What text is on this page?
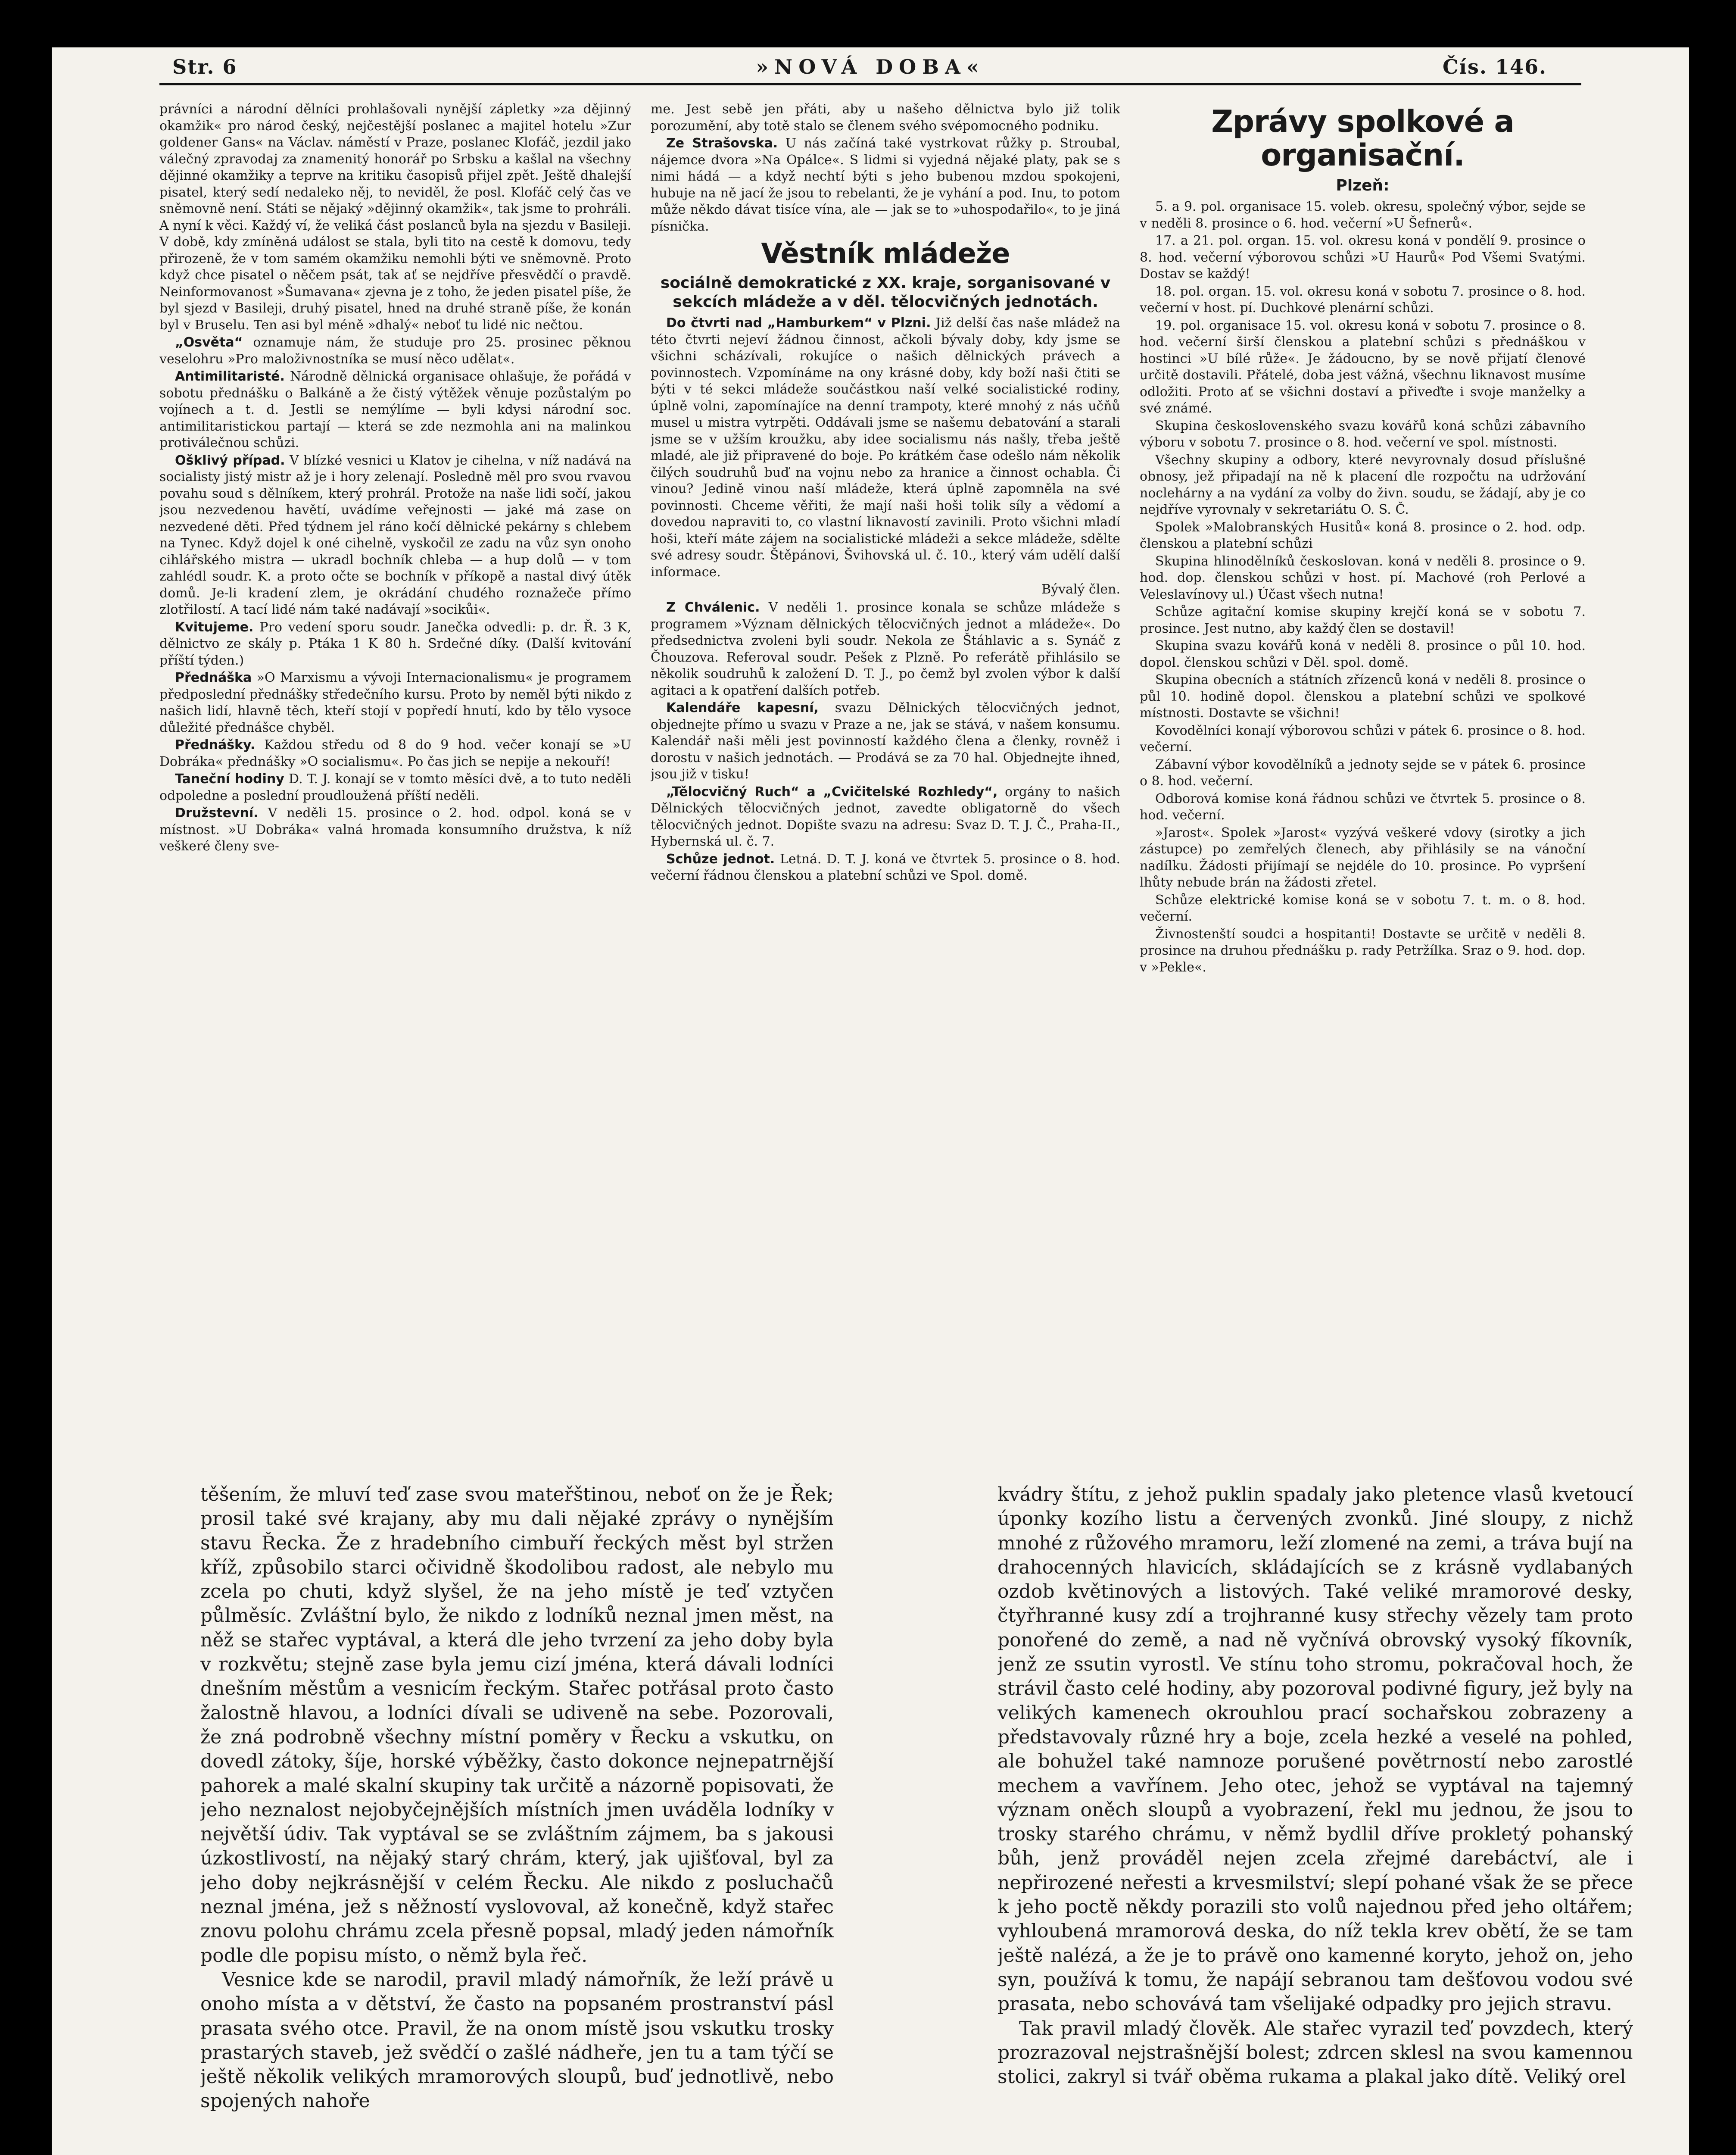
Str. 6	»NOVÁ DOBA«	Čís. 146.

právníci a národní dělníci prohlašovali nynější zápletky »za dějinný okamžik« pro národ český, nejčestější poslanec a majitel hotelu »Zur goldener Gans« na Václav. náměstí v Praze, poslanec Klofáč, jezdil jako válečný zpravodaj za znamenitý honorář po Srbsku a kašlal na všechny dějinné okamžiky a teprve na kritiku časopisů přijel zpět. Ještě dhalejší pisatel, který sedí nedaleko něj, to neviděl, že posl. Klofáč celý čas ve sněmovně není. Státi se nějaký »dějinný okamžik«, tak jsme to prohráli. A nyní k věci. Každý ví, že veliká část poslanců byla na sjezdu v Basileji. V době, kdy zmíněná událost se stala, byli tito na cestě k domovu, tedy přirozeně, že v tom samém okamžiku nemohli býti ve sněmovně. Proto když chce pisatel o něčem psát, tak ať se nejdříve přesvědčí o pravdě. Neinformovanost »Šumavana« zjevna je z toho, že jeden pisatel píše, že byl sjezd v Basileji, druhý pisatel, hned na druhé straně píše, že konán byl v Bruselu. Ten asi byl méně »dhalý« neboť tu lidé nic nečtou.

„Osvěta“ oznamuje nám, že studuje pro 25. prosinec pěknou veselohru »Pro maloživnostníka se musí něco udělat«.

Antimilitaristé. Národně dělnická organisace ohlašuje, že pořádá v sobotu přednášku o Balkáně a že čistý výtěžek věnuje pozůstalým po vojínech a t. d. Jestli se nemýlíme — byli kdysi národní soc. antimilitaristickou partají — která se zde nezmohla ani na malinkou protiválečnou schůzi.

Ošklivý případ. V blízké vesnici u Klatov je cihelna, v níž nadává na socialisty jistý mistr až je i hory zelenají. Posledně měl pro svou rvavou povahu soud s dělníkem, který prohrál. Protože na naše lidi sočí, jakou jsou nezvedenou havětí, uvádíme veřejnosti — jaké má zase on nezvedené děti. Před týdnem jel ráno kočí dělnické pekárny s chlebem na Tynec. Když dojel k oné cihelně, vyskočil ze zadu na vůz syn onoho cihlářského mistra — ukradl bochník chleba — a hup dolů — v tom zahlédl soudr. K. a proto očte se bochník v příkopě a nastal divý útěk domů. Je-li kradení zlem, je okrádání chudého roznažeče přímo zlotřilostí. A tací lidé nám také nadávají »socikůi«.

Kvitujeme. Pro vedení sporu soudr. Janečka odvedli: p. dr. Ř. 3 K, dělnictvo ze skály p. Ptáka 1 K 80 h. Srdečné díky. (Další kvitování příští týden.)

Přednáška »O Marxismu a vývoji Internacionalismu« je programem předposlední přednášky středečního kursu. Proto by neměl býti nikdo z našich lidí, hlavně těch, kteří stojí v popředí hnutí, kdo by tělo vysoce důležité přednášce chyběl.

Přednášky. Každou středu od 8 do 9 hod. večer konají se »U Dobráka« přednášky »O socialismu«. Po čas jich se nepije a nekouří!

Taneční hodiny D. T. J. konají se v tomto měsíci dvě, a to tuto neděli odpoledne a poslední proudloužená příští neděli.

Družstevní. V neděli 15. prosince o 2. hod. odpol. koná se v místnost. »U Dobráka« valná hromada konsumního družstva, k níž veškeré členy sve-

me. Jest sebě jen přáti, aby u našeho dělnictva bylo již tolik porozumění, aby totě stalo se členem svého svépomocného podniku.

Ze Strašovska. U nás začíná také vystrkovat růžky p. Stroubal, nájemce dvora »Na Opálce«. S lidmi si vyjedná nějaké platy, pak se s nimi hádá — a když nechtí býti s jeho bubenou mzdou spokojeni, hubuje na ně jací že jsou to rebelanti, že je vyhání a pod. Inu, to potom může někdo dávat tisíce vína, ale — jak se to »uhospodařilo«, to je jiná písnička.

Věstník mládeže
sociálně demokratické z XX. kraje, sorganisované v sekcích mládeže a v děl. tělocvičných jednotách.

Do čtvrti nad „Hamburkem“ v Plzni. Již delší čas naše mládež na této čtvrti nejeví žádnou činnost, ačkoli bývaly doby, kdy jsme se všichni scházívali, rokujíce o našich dělnických právech a povinnostech. Vzpomínáme na ony krásné doby, kdy boží naši čtiti se býti v té sekci mládeže součástkou naší velké socialistické rodiny, úplně volni, zapomínajíce na denní trampoty, které mnohý z nás učňů musel u mistra vytrpěti. Oddávali jsme se našemu debatování a starali jsme se v užším kroužku, aby idee socialismu nás našly, třeba ještě mladé, ale již připravené do boje. Po krátkém čase odešlo nám několik čilých soudruhů buď na vojnu nebo za hranice a činnost ochabla. Či vinou? Jedině vinou naší mládeže, která úplně zapomněla na své povinnosti. Chceme věřiti, že mají naši hoši tolik síly a vědomí a dovedou napraviti to, co vlastní liknavostí zavinili. Proto všichni mladí hoši, kteří máte zájem na socialistické mládeži a sekce mládeže, sdělte své adresy soudr. Štěpánovi, Švihovská ul. č. 10., který vám udělí další informace.

Bývalý člen.

Z Chválenic. V neděli 1. prosince konala se schůze mládeže s programem »Význam dělnických tělocvičných jednot a mládeže«. Do předsednictva zvoleni byli soudr. Nekola ze Štáhlavic a s. Synáč z Čhouzova. Referoval soudr. Pešek z Plzně. Po referátě přihlásilo se několik soudruhů k založení D. T. J., po čemž byl zvolen výbor k další agitaci a k opatření dalších potřeb.

Kalendáře kapesní, svazu Dělnických tělocvičných jednot, objednejte přímo u svazu v Praze a ne, jak se stává, v našem konsumu. Kalendář naši měli jest povinností každého člena a členky, rovněž i dorostu v našich jednotách. — Prodává se za 70 hal. Objednejte ihned, jsou již v tisku!

„Tělocvičný Ruch“ a „Cvičitelské Rozhledy“, orgány to našich Dělnických tělocvičných jednot, zavedte obligatorně do všech tělocvičných jednot. Dopište svazu na adresu: Svaz D. T. J. Č., Praha-II., Hybernská ul. č. 7.

Schůze jednot. Letná. D. T. J. koná ve čtvrtek 5. prosince o 8. hod. večerní řádnou členskou a platební schůzi ve Spol. domě.

Zprávy spolkové a organisační.
Plzeň:

5. a 9. pol. organisace 15. voleb. okresu, společný výbor, sejde se v neděli 8. prosince o 6. hod. večerní »U Šefnerů«.

17. a 21. pol. organ. 15. vol. okresu koná v pondělí 9. prosince o 8. hod. večerní výborovou schůzi »U Haurů« Pod Všemi Svatými. Dostav se každý!

18. pol. organ. 15. vol. okresu koná v sobotu 7. prosince o 8. hod. večerní v host. pí. Duchkové plenární schůzi.

19. pol. organisace 15. vol. okresu koná v sobotu 7. prosince o 8. hod. večerní širší členskou a platební schůzi s přednáškou v hostinci »U bílé růže«. Je žádoucno, by se nově přijatí členové určitě dostavili. Přátelé, doba jest vážná, všechnu liknavost musíme odložiti. Proto ať se všichni dostaví a přiveďte i svoje manželky a své známé.

Skupina československého svazu kovářů koná schůzi zábavního výboru v sobotu 7. prosince o 8. hod. večerní ve spol. místnosti.

Všechny skupiny a odbory, které nevyrovnaly dosud příslušné obnosy, jež připadají na ně k placení dle rozpočtu na udržování noclehárny a na vydání za volby do živn. soudu, se žádají, aby je co nejdříve vyrovnaly v sekretariátu O. S. Č.

Spolek »Malobranských Husitů« koná 8. prosince o 2. hod. odp. členskou a platební schůzi

Skupina hlinodělníků českoslovan. koná v neděli 8. prosince o 9. hod. dop. členskou schůzi v host. pí. Machové (roh Perlové a Veleslavínovy ul.) Účast všech nutna!

Schůze agitační komise skupiny krejčí koná se v sobotu 7. prosince. Jest nutno, aby každý člen se dostavil!

Skupina svazu kovářů koná v neděli 8. prosince o půl 10. hod. dopol. členskou schůzi v Děl. spol. domě.

Skupina obecních a státních zřízenců koná v neděli 8. prosince o půl 10. hodině dopol. členskou a platební schůzi ve spolkové místnosti. Dostavte se všichni!

Kovodělníci konají výborovou schůzi v pátek 6. prosince o 8. hod. večerní.

Zábavní výbor kovodělníků a jednoty sejde se v pátek 6. prosince o 8. hod. večerní.

Odborová komise koná řádnou schůzi ve čtvrtek 5. prosince o 8. hod. večerní.

»Jarost«. Spolek »Jarost« vyzývá veškeré vdovy (sirotky a jich zástupce) po zemřelých členech, aby přihlásily se na vánoční nadílku. Žádosti přijímají se nejdéle do 10. prosince. Po vypršení lhůty nebude brán na žádosti zřetel.

Schůze elektrické komise koná se v sobotu 7. t. m. o 8. hod. večerní.

Živnostenští soudci a hospitanti! Dostavte se určitě v neděli 8. prosince na druhou přednášku p. rady Petržílka. Sraz o 9. hod. dop. v »Pekle«.

těšením, že mluví teď zase svou mateřštinou, neboť on že je Řek; prosil také své krajany, aby mu dali nějaké zprávy o nynějším stavu Řecka. Že z hradebního cimbuří řeckých měst byl stržen kříž, způsobilo starci očividně škodolibou radost, ale nebylo mu zcela po chuti, když slyšel, že na jeho místě je teď vztyčen půlměsíc. Zvláštní bylo, že nikdo z lodníků neznal jmen měst, na něž se stařec vyptával, a která dle jeho tvrzení za jeho doby byla v rozkvětu; stejně zase byla jemu cizí jména, která dávali lodníci dnešním městům a vesnicím řeckým. Stařec potřásal proto často žalostně hlavou, a lodníci dívali se udiveně na sebe. Pozorovali, že zná podrobně všechny místní poměry v Řecku a vskutku, on dovedl zátoky, šíje, horské výběžky, často dokonce nejnepatrnější pahorek a malé skalní skupiny tak určitě a názorně popisovati, že jeho neznalost nejobyčejnějších místních jmen uváděla lodníky v největší údiv. Tak vyptával se se zvláštním zájmem, ba s jakousi úzkostlivostí, na nějaký starý chrám, který, jak ujišťoval, byl za jeho doby nejkrásnější v celém Řecku. Ale nikdo z posluchačů neznal jména, jež s něžností vyslovoval, až konečně, když stařec znovu polohu chrámu zcela přesně popsal, mladý jeden námořník podle dle popisu místo, o němž byla řeč.

Vesnice kde se narodil, pravil mladý námořník, že leží právě u onoho místa a v dětství, že často na popsaném prostranství pásl prasata svého otce. Pravil, že na onom místě jsou vskutku trosky prastarých staveb, jež svědčí o zašlé nádheře, jen tu a tam týčí se ještě několik velikých mramorových sloupů, buď jednotlivě, nebo spojených nahoře

kvádry štítu, z jehož puklin spadaly jako pletence vlasů kvetoucí úponky kozího listu a červených zvonků. Jiné sloupy, z nichž mnohé z růžového mramoru, leží zlomené na zemi, a tráva bují na drahocenných hlavicích, skládajících se z krásně vydlabaných ozdob květinových a listových. Také veliké mramorové desky, čtyřhranné kusy zdí a trojhranné kusy střechy vězely tam proto ponořené do země, a nad ně vyčnívá obrovský vysoký fíkovník, jenž ze ssutin vyrostl. Ve stínu toho stromu, pokračoval hoch, že strávil často celé hodiny, aby pozoroval podivné figury, jež byly na velikých kamenech okrouhlou prací sochařskou zobrazeny a představovaly různé hry a boje, zcela hezké a veselé na pohled, ale bohužel také namnoze porušené povětrností nebo zarostlé mechem a vavřínem. Jeho otec, jehož se vyptával na tajemný význam oněch sloupů a vyobrazení, řekl mu jednou, že jsou to trosky starého chrámu, v němž bydlil dříve prokletý pohanský bůh, jenž prováděl nejen zcela zřejmé darebáctví, ale i nepřirozené neřesti a krvesmilství; slepí pohané však že se přece k jeho poctě někdy porazili sto volů najednou před jeho oltářem; vyhloubená mramorová deska, do níž tekla krev obětí, že se tam ještě nalézá, a že je to právě ono kamenné koryto, jehož on, jeho syn, používá k tomu, že napájí sebranou tam dešťovou vodou své prasata, nebo schovává tam všelijaké odpadky pro jejich stravu.

Tak pravil mladý člověk. Ale stařec vyrazil teď povzdech, který prozrazoval nejstrašnější bolest; zdrcen sklesl na svou kamennou stolici, zakryl si tvář oběma rukama a plakal jako dítě. Veliký orel
